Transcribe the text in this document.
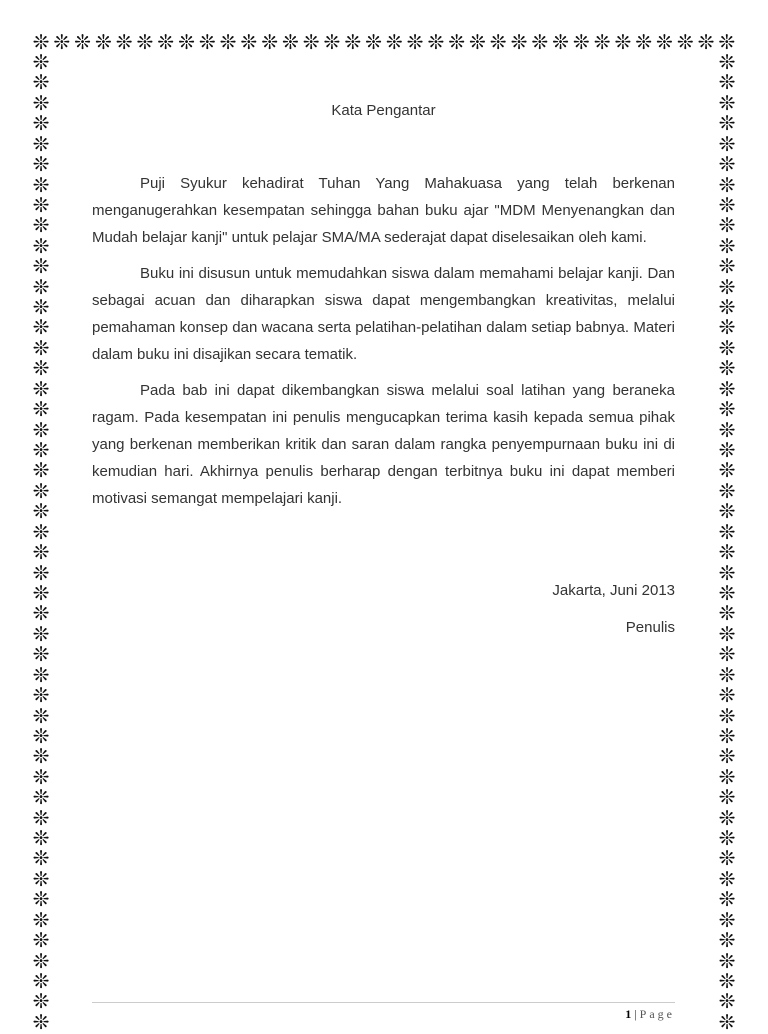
❊ ❊ ❊ ❊ ❊ ❊ ❊ ❊ ❊ ❊ ❊ ❊ ❊ ❊ ❊ ❊ ❊ ❊ ❊ ❊ ❊ ❊ ❊ ❊ ❊ ❊ ❊ ❊ ❊ ❊ ❊ ❊ ❊ ❊
❊
❊
❊
❊
❊
❊
❊
❊
❊
❊
❊
❊
❊
❊
❊
❊
❊
❊
❊
❊
❊
❊
❊
❊
❊
❊
❊
❊
❊
❊
❊
❊
❊
❊
❊
❊
❊
❊
❊
❊
❊
❊
❊
❊
❊
❊
❊
❊
❊
❊
❊
❊
❊
❊
❊
❊
❊
❊
❊
❊
❊
❊
❊
❊
❊
❊
❊
❊
❊
❊
❊
❊
❊
❊
❊
❊
❊
❊
❊
❊
❊
❊
❊
❊
❊
❊
❊
❊
❊
❊
❊
❊
❊
❊
❊
❊
Kata Pengantar

Puji Syukur kehadirat Tuhan Yang Mahakuasa yang telah berkenan menganugerahkan kesempatan sehingga bahan buku ajar "MDM Menyenangkan dan Mudah belajar kanji" untuk pelajar SMA/MA sederajat dapat diselesaikan oleh kami.

Buku ini disusun untuk memudahkan siswa dalam memahami belajar kanji. Dan sebagai acuan dan diharapkan siswa dapat mengembangkan kreativitas, melalui pemahaman konsep dan wacana serta pelatihan-pelatihan dalam setiap babnya. Materi dalam buku ini disajikan secara tematik.

Pada bab ini dapat dikembangkan siswa melalui soal latihan yang beraneka ragam. Pada kesempatan ini penulis mengucapkan terima kasih kepada semua pihak yang berkenan memberikan kritik dan saran dalam rangka penyempurnaan buku ini di kemudian hari. Akhirnya penulis berharap dengan terbitnya buku ini dapat memberi motivasi semangat mempelajari kanji.

Jakarta, Juni 2013
Penulis
1 | Page
